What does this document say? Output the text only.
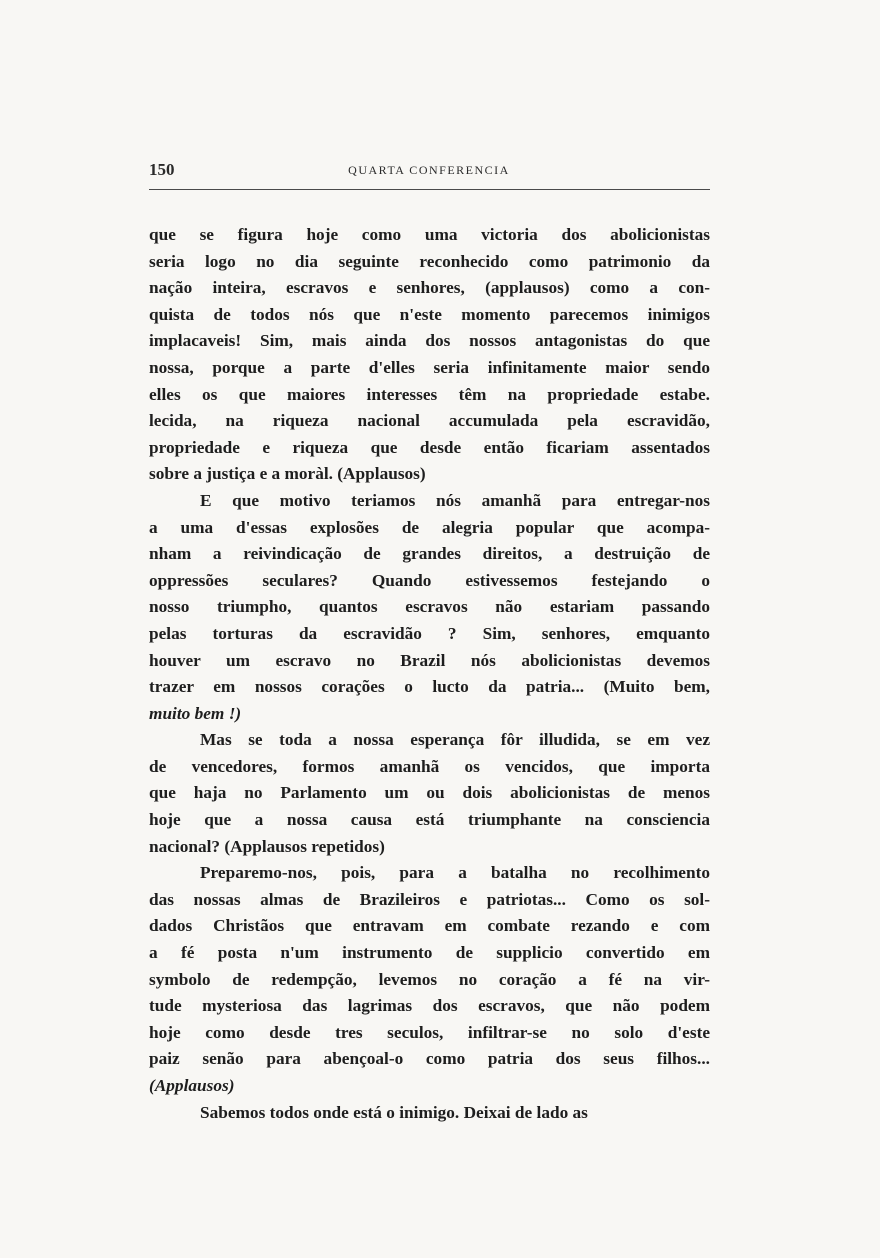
150	QUARTA CONFERENCIA
que se figura hoje como uma victoria dos abolicionistas
seria logo no dia seguinte reconhecido como patrimonio da
nação inteira, escravos e senhores, (applausos) como a con-
quista de todos nós que n'este momento parecemos inimigos
implacaveis! Sim, mais ainda dos nossos antagonistas do que
nossa, porque a parte d'elles seria infinitamente maior sendo
elles os que maiores interesses têm na propriedade estabe.
lecida, na riqueza nacional accumulada pela escravidão,
propriedade e riqueza que desde então ficariam assentados
sobre a justiça e a moràl. (Applausos)
E que motivo teriamos nós amanhã para entregar-nos
a uma d'essas explosões de alegria popular que acompa-
nham a reivindicação de grandes direitos, a destruição de
oppressões seculares? Quando estivessemos festejando o
nosso triumpho, quantos escravos não estariam passando
pelas torturas da escravidão ? Sim, senhores, emquanto
houver um escravo no Brazil nós abolicionistas devemos
trazer em nossos corações o lucto da patria... (Muito bem,
muito bem !)
Mas se toda a nossa esperança fôr illudida, se em vez
de vencedores, formos amanhã os vencidos, que importa
que haja no Parlamento um ou dois abolicionistas de menos
hoje que a nossa causa está triumphante na consciencia
nacional? (Applausos repetidos)
Preparemo-nos, pois, para a batalha no recolhimento
das nossas almas de Brazileiros e patriotas... Como os sol-
dados Christãos que entravam em combate rezando e com
a fé posta n'um instrumento de supplicio convertido em
symbolo de redempção, levemos no coração a fé na vir-
tude mysteriosa das lagrimas dos escravos, que não podem
hoje como desde tres seculos, infiltrar-se no solo d'este
paiz senão para abençoal-o como patria dos seus filhos...
(Applausos)
Sabemos todos onde está o inimigo. Deixai de lado as
